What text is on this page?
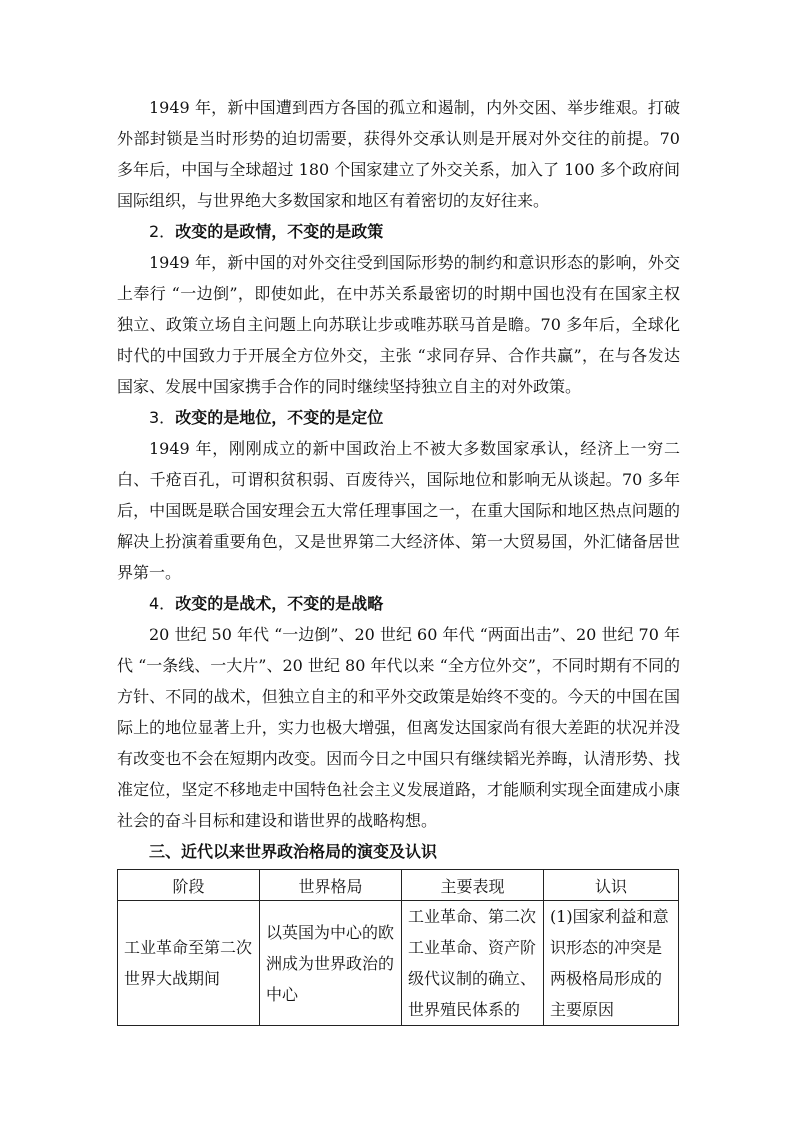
1949 年，新中国遭到西方各国的孤立和遏制，内外交困、举步维艰。打破外部封锁是当时形势的迫切需要，获得外交承认则是开展对外交往的前提。70 多年后，中国与全球超过 180 个国家建立了外交关系，加入了 100 多个政府间国际组织，与世界绝大多数国家和地区有着密切的友好往来。

2．改变的是政情，不变的是政策

1949 年，新中国的对外交往受到国际形势的制约和意识形态的影响，外交上奉行 “一边倒”，即使如此，在中苏关系最密切的时期中国也没有在国家主权独立、政策立场自主问题上向苏联让步或唯苏联马首是瞻。70 多年后，全球化时代的中国致力于开展全方位外交，主张 “求同存异、合作共赢”，在与各发达国家、发展中国家携手合作的同时继续坚持独立自主的对外政策。

3．改变的是地位，不变的是定位

1949 年，刚刚成立的新中国政治上不被大多数国家承认，经济上一穷二白、千疮百孔，可谓积贫积弱、百废待兴，国际地位和影响无从谈起。70 多年后，中国既是联合国安理会五大常任理事国之一，在重大国际和地区热点问题的解决上扮演着重要角色，又是世界第二大经济体、第一大贸易国，外汇储备居世界第一。

4．改变的是战术，不变的是战略

20 世纪 50 年代 “一边倒”、20 世纪 60 年代 “两面出击”、20 世纪 70 年代 “一条线、一大片”、20 世纪 80 年代以来 “全方位外交”，不同时期有不同的方针、不同的战术，但独立自主的和平外交政策是始终不变的。今天的中国在国际上的地位显著上升，实力也极大增强，但离发达国家尚有很大差距的状况并没有改变也不会在短期内改变。因而今日之中国只有继续韬光养晦，认清形势、找准定位，坚定不移地走中国特色社会主义发展道路，才能顺利实现全面建成小康社会的奋斗目标和建设和谐世界的战略构想。

三、近代以来世界政治格局的演变及认识

阶段	世界格局	主要表现	认识
工业革命至第二次世界大战期间	以英国为中心的欧洲成为世界政治的中心	工业革命、第二次工业革命、资产阶级代议制的确立、世界殖民体系的	(1)国家利益和意识形态的冲突是两极格局形成的主要原因
